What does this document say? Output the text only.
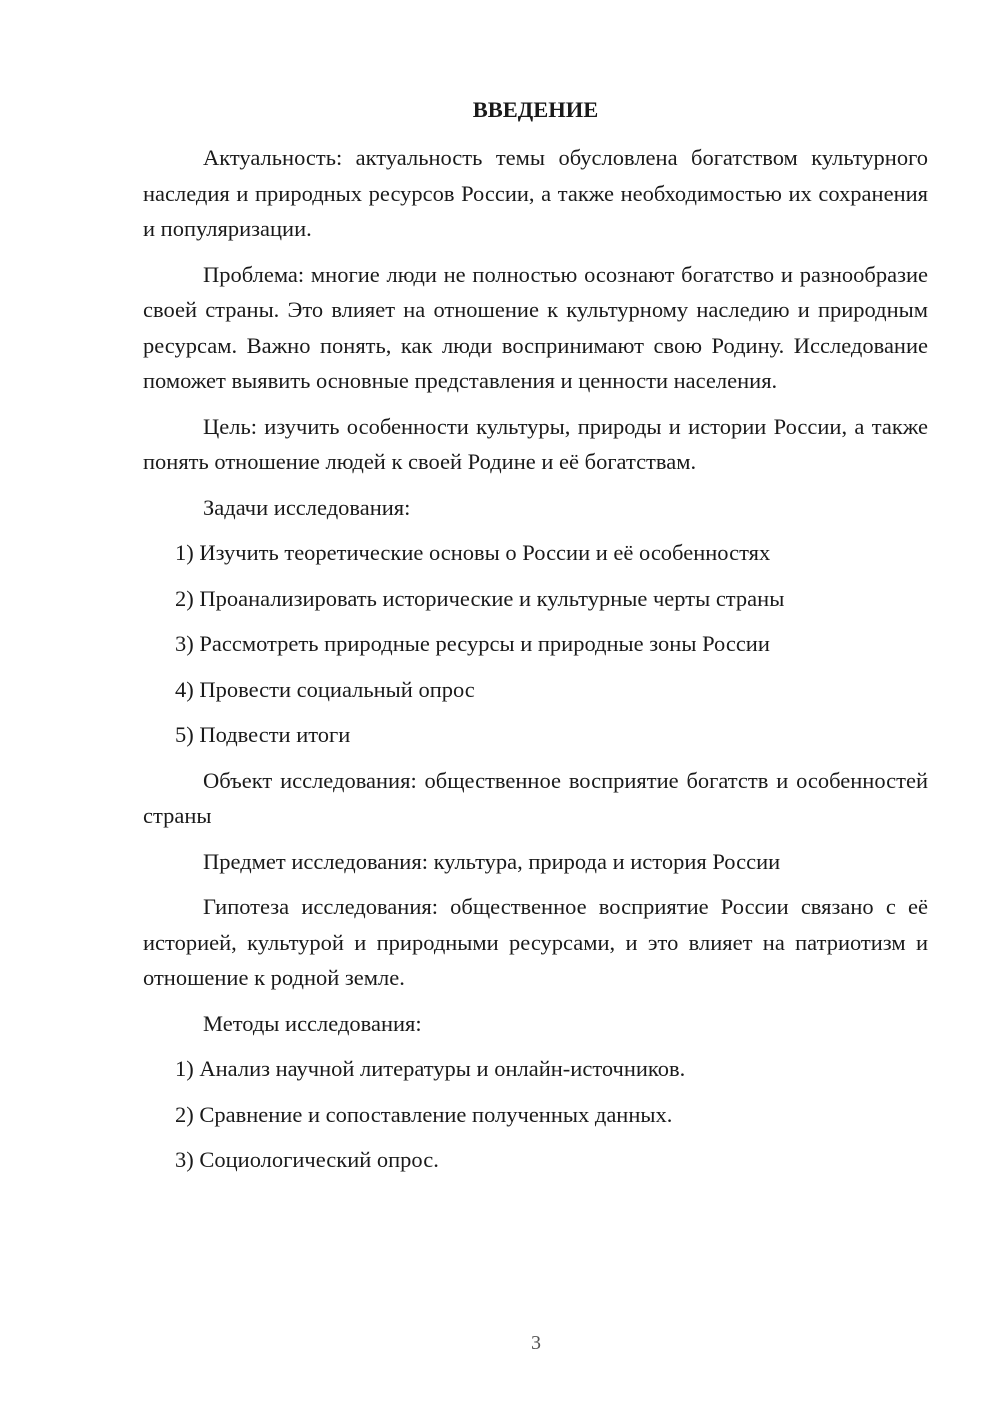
ВВЕДЕНИЕ
Актуальность: актуальность темы обусловлена богатством культурного наследия и природных ресурсов России, а также необходимостью их сохранения и популяризации.
Проблема: многие люди не полностью осознают богатство и разнообразие своей страны. Это влияет на отношение к культурному наследию и природным ресурсам. Важно понять, как люди воспринимают свою Родину. Исследование поможет выявить основные представления и ценности населения.
Цель: изучить особенности культуры, природы и истории России, а также понять отношение людей к своей Родине и её богатствам.
Задачи исследования:
1) Изучить теоретические основы о России и её особенностях
2) Проанализировать исторические и культурные черты страны
3) Рассмотреть природные ресурсы и природные зоны России
4) Провести социальный опрос
5) Подвести итоги
Объект исследования: общественное восприятие богатств и особенностей страны
Предмет исследования: культура, природа и история России
Гипотеза исследования: общественное восприятие России связано с её историей, культурой и природными ресурсами, и это влияет на патриотизм и отношение к родной земле.
Методы исследования:
1) Анализ научной литературы и онлайн-источников.
2) Сравнение и сопоставление полученных данных.
3) Социологический опрос.
3
